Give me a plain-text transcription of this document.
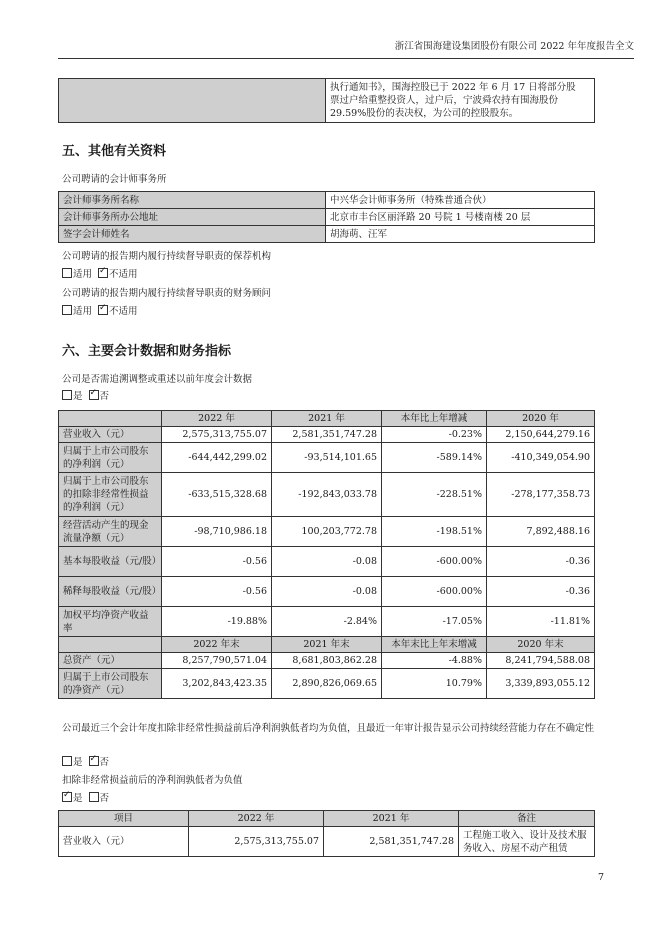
浙江省围海建设集团股份有限公司 2022 年年度报告全文

执行通知书》，围海控股已于 2022 年 6 月 17 日将部分股
票过户给重整投资人，过户后，宁波舜农持有围海股份
29.59%股份的表决权，为公司的控股股东。
五、其他有关资料
公司聘请的会计师事务所
会计师事务所名称	中兴华会计师事务所（特殊普通合伙）
会计师事务所办公地址	北京市丰台区丽泽路 20 号院 1 号楼南楼 20 层
签字会计师姓名	胡海萌、汪军
公司聘请的报告期内履行持续督导职责的保荐机构
适用 ✓ 不适用
公司聘请的报告期内履行持续督导职责的财务顾问
适用 ✓ 不适用
六、主要会计数据和财务指标
公司是否需追溯调整或重述以前年度会计数据
是 ✓ 否
	2022 年	2021 年	本年比上年增减	2020 年
营业收入（元）	2,575,313,755.07	2,581,351,747.28	-0.23%	2,150,644,279.16
归属于上市公司股东的净利润（元）	-644,442,299.02	-93,514,101.65	-589.14%	-410,349,054.90
归属于上市公司股东的扣除非经常性损益的净利润（元）	-633,515,328.68	-192,843,033.78	-228.51%	-278,177,358.73
经营活动产生的现金流量净额（元）	-98,710,986.18	100,203,772.78	-198.51%	7,892,488.16
基本每股收益（元/股）	-0.56	-0.08	-600.00%	-0.36
稀释每股收益（元/股）	-0.56	-0.08	-600.00%	-0.36
加权平均净资产收益率	-19.88%	-2.84%	-17.05%	-11.81%
	2022 年末	2021 年末	本年末比上年末增减	2020 年末
总资产（元）	8,257,790,571.04	8,681,803,862.28	-4.88%	8,241,794,588.08
归属于上市公司股东的净资产（元）	3,202,843,423.35	2,890,826,069.65	10.79%	3,339,893,055.12
公司最近三个会计年度扣除非经常性损益前后净利润孰低者均为负值，且最近一年审计报告显示公司持续经营能力存在不确定性
是 ✓ 否
扣除非经常损益前后的净利润孰低者为负值
✓是 否
项目	2022 年	2021 年	备注
营业收入（元）	2,575,313,755.07	2,581,351,747.28	工程施工收入、设计及技术服务收入、房屋不动产租赁
7
